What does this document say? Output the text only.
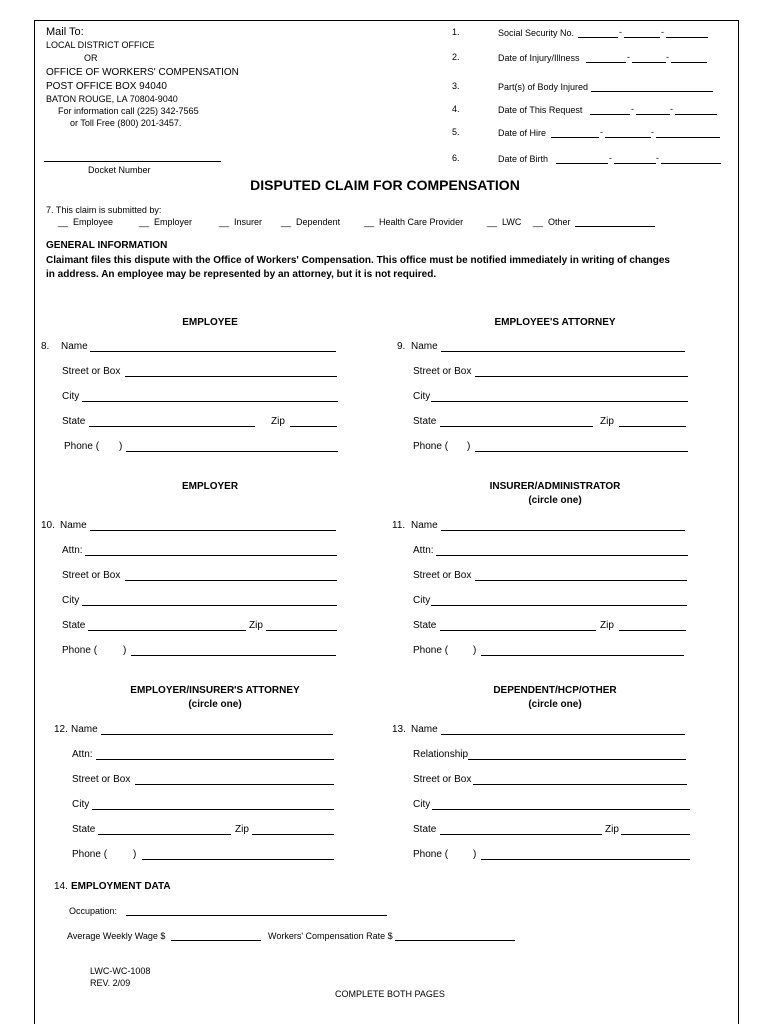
Mail To:
LOCAL DISTRICT OFFICE
OR
OFFICE OF WORKERS' COMPENSATION
POST OFFICE BOX 94040
BATON ROUGE, LA 70804-9040
For information call (225) 342-7565
or Toll Free (800) 201-3457.
Docket Number
1.	Social Security No.	-	-
2.	Date of Injury/Illness	-	-
3.	Part(s) of Body Injured
4.	Date of This Request	-	-
5.	Date of Hire	-	-
6.	Date of Birth	-	-
DISPUTED CLAIM FOR COMPENSATION
7. This claim is submitted by:
__ Employee	__ Employer	__ Insurer __ Dependent	__ Health Care Provider	__ LWC __ Other
GENERAL INFORMATION
Claimant files this dispute with the Office of Workers' Compensation. This office must be notified immediately in writing of changes
in address. An employee may be represented by an attorney, but it is not required.
EMPLOYEE
8. Name
Street or Box
City
State	Zip
Phone ( )
EMPLOYEE'S ATTORNEY
9. Name
Street or Box
City
State	Zip
Phone ( )
EMPLOYER
10. Name
Attn:
Street or Box
City
State	Zip
Phone (	)
INSURER/ADMINISTRATOR
(circle one)
11. Name
Attn:
Street or Box
City
State	Zip
Phone ( )
EMPLOYER/INSURER'S ATTORNEY
(circle one)
12. Name
Attn:
Street or Box
City
State	Zip
Phone (	)
DEPENDENT/HCP/OTHER
(circle one)
13. Name
Relationship
Street or Box
City
State	Zip
Phone ( )
14. EMPLOYMENT DATA
Occupation:
Average Weekly Wage $	Workers' Compensation Rate $
LWC-WC-1008
REV. 2/09
COMPLETE BOTH PAGES
